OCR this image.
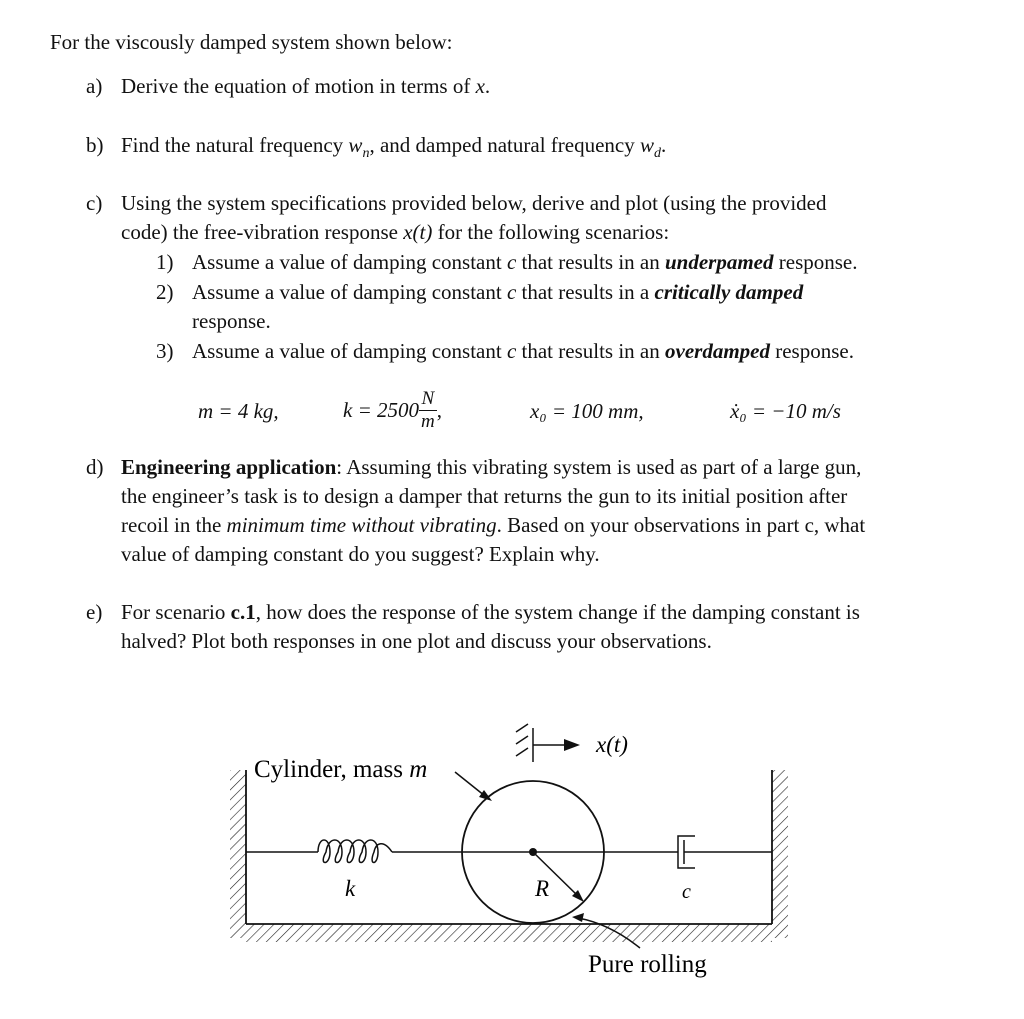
For the viscously damped system shown below:
a) Derive the equation of motion in terms of x.
b) Find the natural frequency $w_n$, and damped natural frequency $w_d$.
c) Using the system specifications provided below, derive and plot (using the provided
code) the free-vibration response x(t) for the following scenarios:
1) Assume a value of damping constant c that results in an underpamed response.
2) Assume a value of damping constant c that results in a critically damped
response.
3) Assume a value of damping constant c that results in an overdamped response.
m = 4 kg,	$k = 2500 \frac{N}{m}$ ,	x₀ = 100 mm,	ẋ₀ = −10 m/s
d) Engineering application: Assuming this vibrating system is used as part of a large gun,
the engineer’s task is to design a damper that returns the gun to its initial position after
recoil in the minimum time without vibrating. Based on your observations in part c, what
value of damping constant do you suggest? Explain why.
e) For scenario c.1, how does the response of the system change if the damping constant is
halved? Plot both responses in one plot and discuss your observations.
Cylinder, mass m
x(t)
k	R	c
Pure rolling
